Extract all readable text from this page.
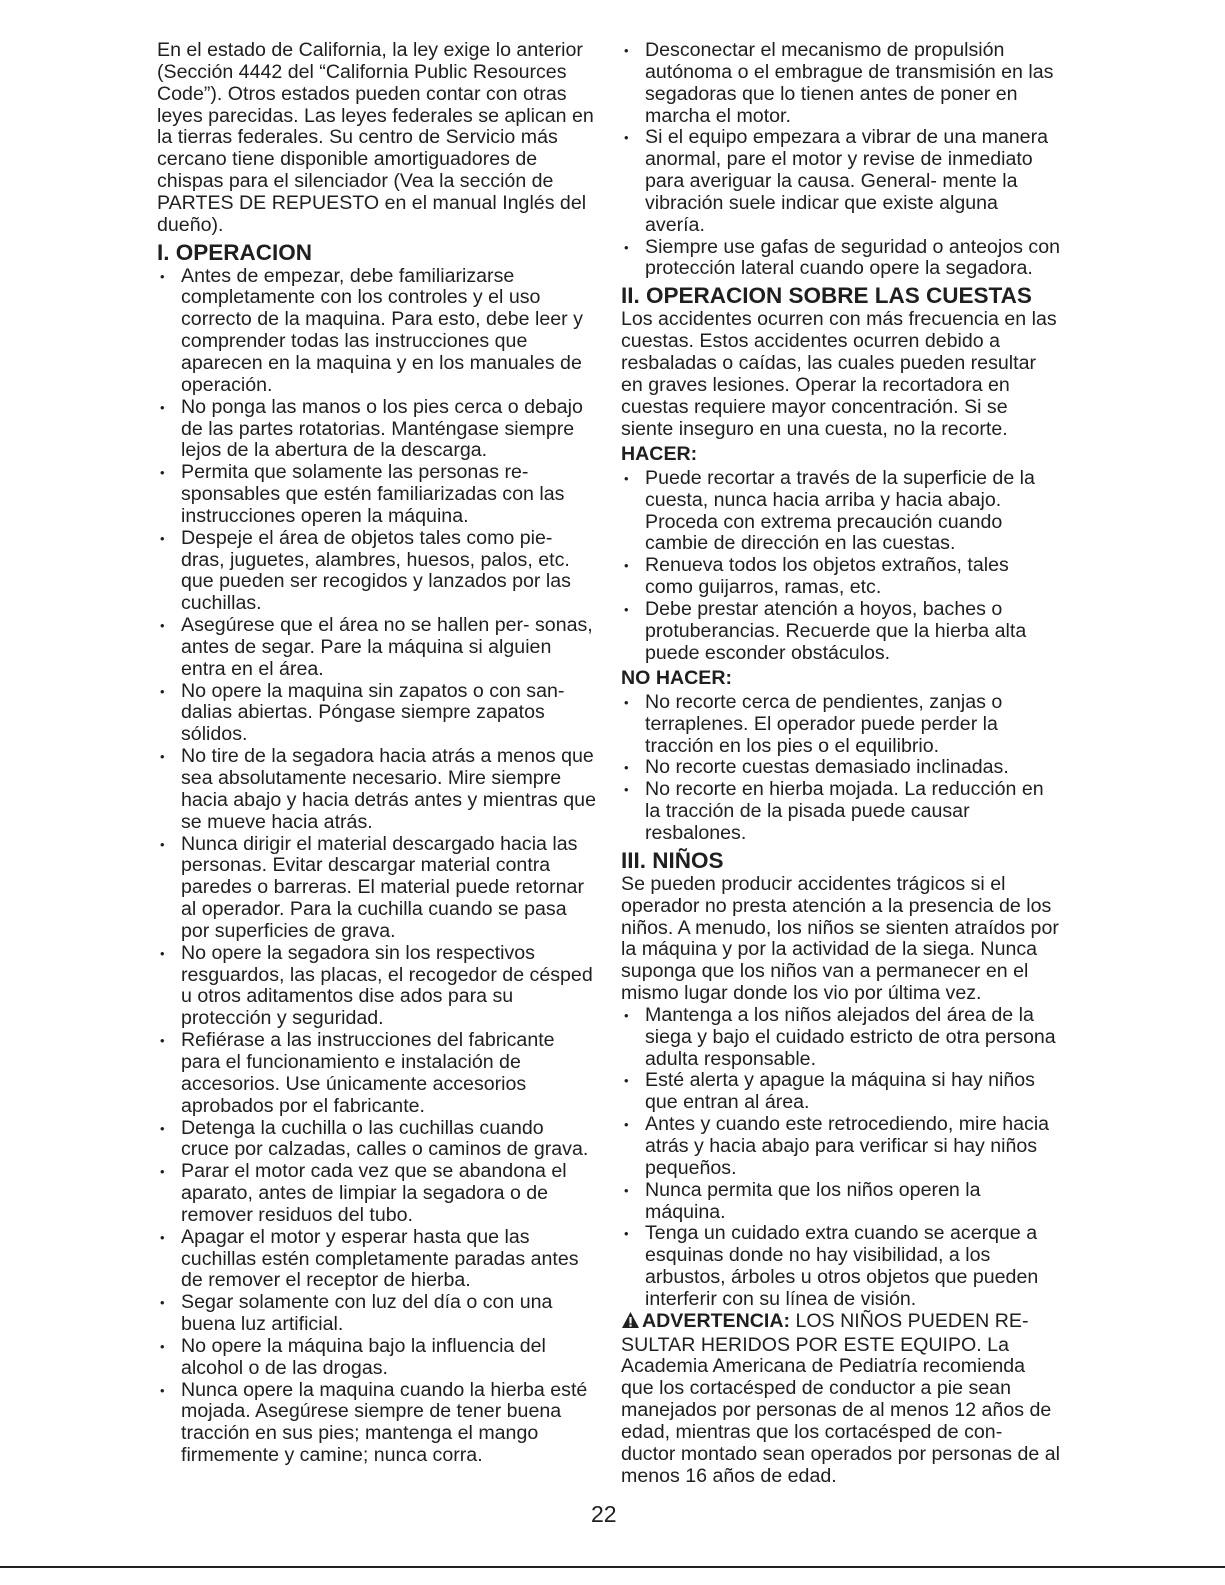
En el estado de California, la ley exige lo anterior (Sección 4442 del “California Public Resources Code”). Otros estados pueden contar con otras leyes parecidas. Las leyes federales se aplican en la tierras federales. Su centro de Servicio más cercano tiene disponible amortiguadores de chispas para el silenciador (Vea la sección de PARTES DE REPUESTO en el manual Inglés del dueño).

I. OPERACION
• Antes de empezar, debe familiarizarse completamente con los controles y el uso correcto de la maquina. Para esto, debe leer y comprender todas las instrucciones que aparecen en la maquina y en los manuales de operación.
• No ponga las manos o los pies cerca o debajo de las partes rotatorias. Manténgase siempre lejos de la abertura de la descarga.
• Permita que solamente las personas re- sponsables que estén familiarizadas con las instrucciones operen la máquina.
• Despeje el área de objetos tales como pie- dras, juguetes, alambres, huesos, palos, etc. que pueden ser recogidos y lanzados por las cuchillas.
• Asegúrese que el área no se hallen per- sonas, antes de segar. Pare la máquina si alguien entra en el área.
• No opere la maquina sin zapatos o con san- dalias abiertas. Póngase siempre zapatos sólidos.
• No tire de la segadora hacia atrás a menos que sea absolutamente necesario. Mire siempre hacia abajo y hacia detrás antes y mientras que se mueve hacia atrás.
• Nunca dirigir el material descargado hacia las personas. Evitar descargar material contra paredes o barreras. El material puede retornar al operador. Para la cuchilla cuando se pasa por superficies de grava.
• No opere la segadora sin los respectivos resguardos, las placas, el recogedor de césped u otros aditamentos dise ados para su protección y seguridad.
• Refiérase a las instrucciones del fabricante para el funcionamiento e instalación de accesorios. Use únicamente accesorios aprobados por el fabricante.
• Detenga la cuchilla o las cuchillas cuando cruce por calzadas, calles o caminos de grava.
• Parar el motor cada vez que se abandona el aparato, antes de limpiar la segadora o de remover residuos del tubo.
• Apagar el motor y esperar hasta que las cuchillas estén completamente paradas antes de remover el receptor de hierba.
• Segar solamente con luz del día o con una buena luz artificial.
• No opere la máquina bajo la influencia del alcohol o de las drogas.
• Nunca opere la maquina cuando la hierba esté mojada. Asegúrese siempre de tener buena tracción en sus pies; mantenga el mango firmemente y camine; nunca corra.
• Desconectar el mecanismo de propulsión autónoma o el embrague de transmisión en las segadoras que lo tienen antes de poner en marcha el motor.
• Si el equipo empezara a vibrar de una manera anormal, pare el motor y revise de inmediato para averiguar la causa. General- mente la vibración suele indicar que existe alguna avería.
• Siempre use gafas de seguridad o anteojos con protección lateral cuando opere la segadora.
II. OPERACION SOBRE LAS CUESTAS

Los accidentes ocurren con más frecuencia en las cuestas. Estos accidentes ocurren debido a resbaladas o caídas, las cuales pueden resultar en graves lesiones. Operar la recortadora en cuestas requiere mayor concentración. Si se siente inseguro en una cuesta, no la recorte.

HACER:
• Puede recortar a través de la superficie de la cuesta, nunca hacia arriba y hacia abajo. Proceda con extrema precaución cuando cambie de dirección en las cuestas.
• Renueva todos los objetos extraños, tales como guijarros, ramas, etc.
• Debe prestar atención a hoyos, baches o protuberancias. Recuerde que la hierba alta puede esconder obstáculos.
NO HACER:
• No recorte cerca de pendientes, zanjas o terraplenes. El operador puede perder la tracción en los pies o el equilibrio.
• No recorte cuestas demasiado inclinadas.
• No recorte en hierba mojada. La reducción en la tracción de la pisada puede causar resbalones.
III. NIÑOS

Se pueden producir accidentes trágicos si el operador no presta atención a la presencia de los niños. A menudo, los niños se sienten atraídos por la máquina y por la actividad de la siega. Nunca suponga que los niños van a permanecer en el mismo lugar donde los vio por última vez.

• Mantenga a los niños alejados del área de la siega y bajo el cuidado estricto de otra persona adulta responsable.
• Esté alerta y apague la máquina si hay niños que entran al área.
• Antes y cuando este retrocediendo, mire hacia atrás y hacia abajo para verificar si hay niños pequeños.
• Nunca permita que los niños operen la máquina.
• Tenga un cuidado extra cuando se acerque a esquinas donde no hay visibilidad, a los arbustos, árboles u otros objetos que pueden interferir con su línea de visión.

ADVERTENCIA: LOS NIÑOS PUEDEN RE- SULTAR HERIDOS POR ESTE EQUIPO. La Academia Americana de Pediatría recomienda que los cortacésped de conductor a pie sean manejados por personas de al menos 12 años de edad, mientras que los cortacésped de con- ductor montado sean operados por personas de al menos 16 años de edad.

22
